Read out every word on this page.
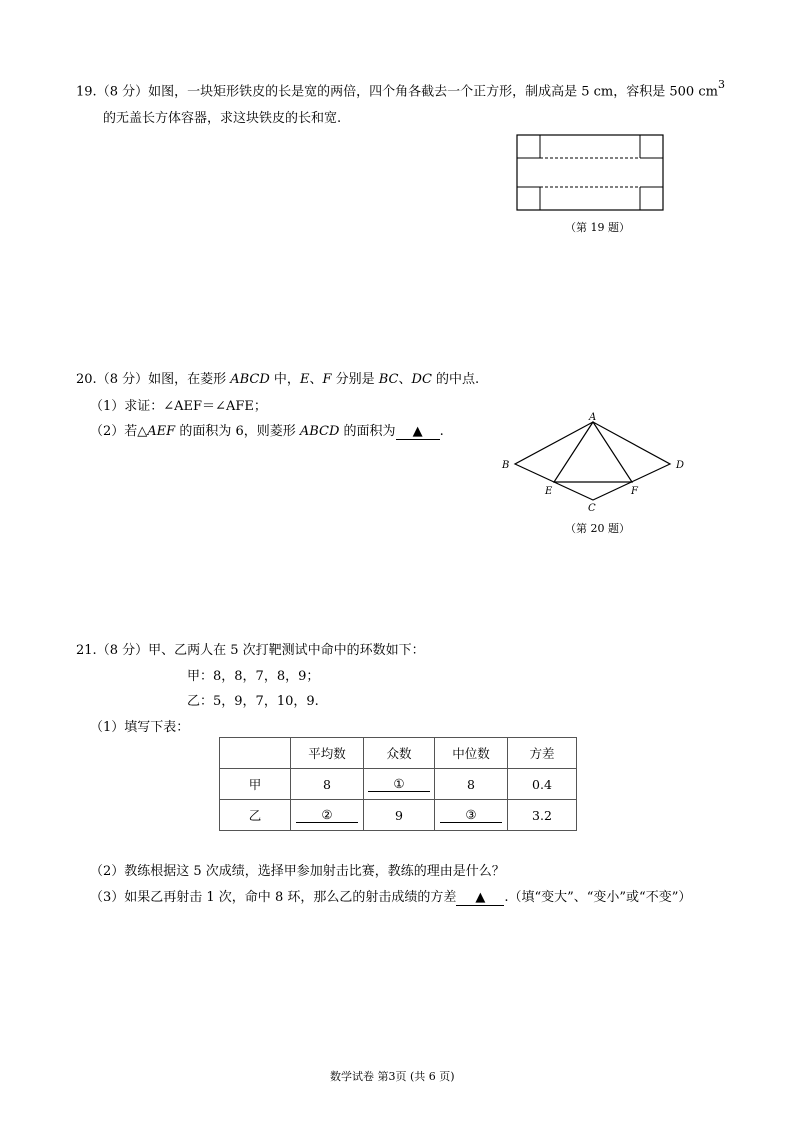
19.（8 分）如图，一块矩形铁皮的长是宽的两倍，四个角各截去一个正方形，制成高是 5 cm，容积是 500 $cm^3$
的无盖长方体容器，求这块铁皮的长和宽.
（第 19 题）
20.（8 分）如图，在菱形 ABCD 中，E、F 分别是 BC、DC 的中点.
（1）求证：∠AEF＝∠AFE；
（2）若△AEF 的面积为 6，则菱形 ABCD 的面积为 ▲ .
A
B	D
E	F
C
（第 20 题）
21.（8 分）甲、乙两人在 5 次打靶测试中命中的环数如下：
甲：8，8，7，8，9；
乙：5，9，7，10，9.
（1）填写下表：
	平均数	众数	中位数	方差
甲	8	①	8	0.4
乙	②	9	③	3.2
（2）教练根据这 5 次成绩，选择甲参加射击比赛，教练的理由是什么？
（3）如果乙再射击 1 次，命中 8 环，那么乙的射击成绩的方差 ▲ .（填“变大”、“变小”或“不变”）
数学试卷 第3页 (共 6 页)
